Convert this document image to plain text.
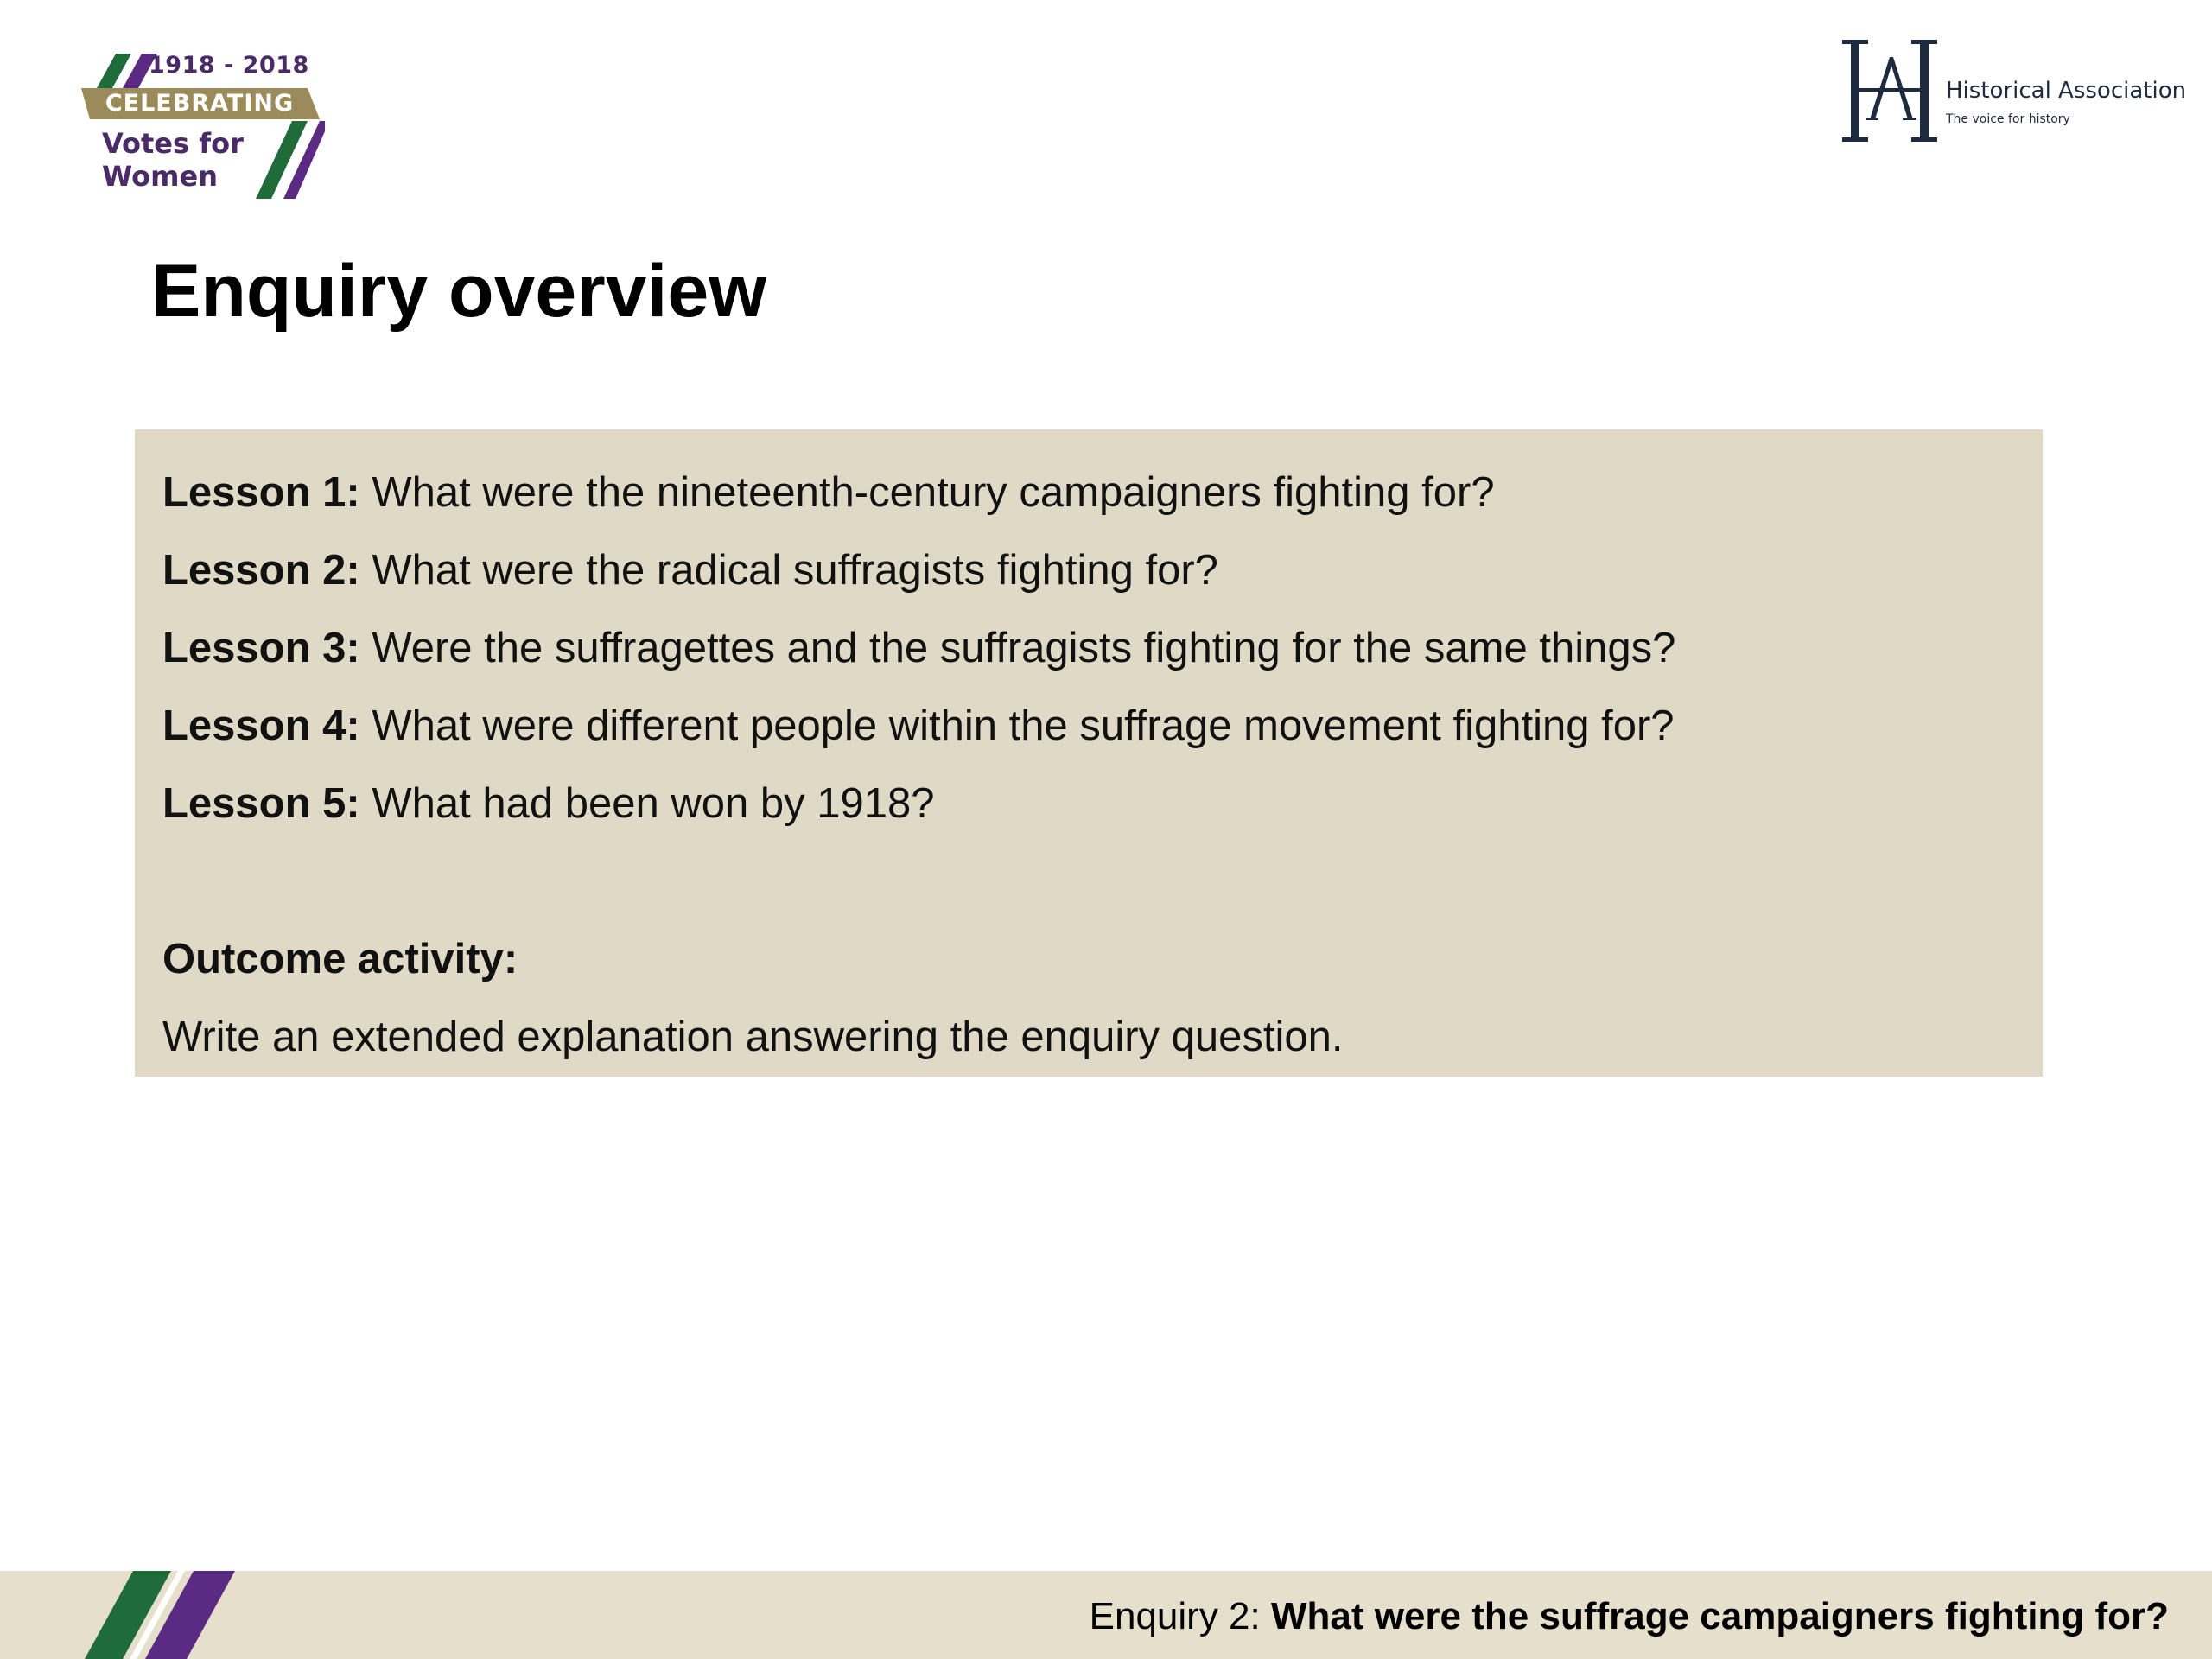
1918 - 2018
CELEBRATING
Votes for
Women
Historical Association
The voice for history
Enquiry overview
Lesson 1: What were the nineteenth-century campaigners fighting for?
Lesson 2: What were the radical suffragists fighting for?
Lesson 3: Were the suffragettes and the suffragists fighting for the same things?
Lesson 4: What were different people within the suffrage movement fighting for?
Lesson 5: What had been won by 1918?
Outcome activity:
Write an extended explanation answering the enquiry question.
Enquiry 2: What were the suffrage campaigners fighting for?
